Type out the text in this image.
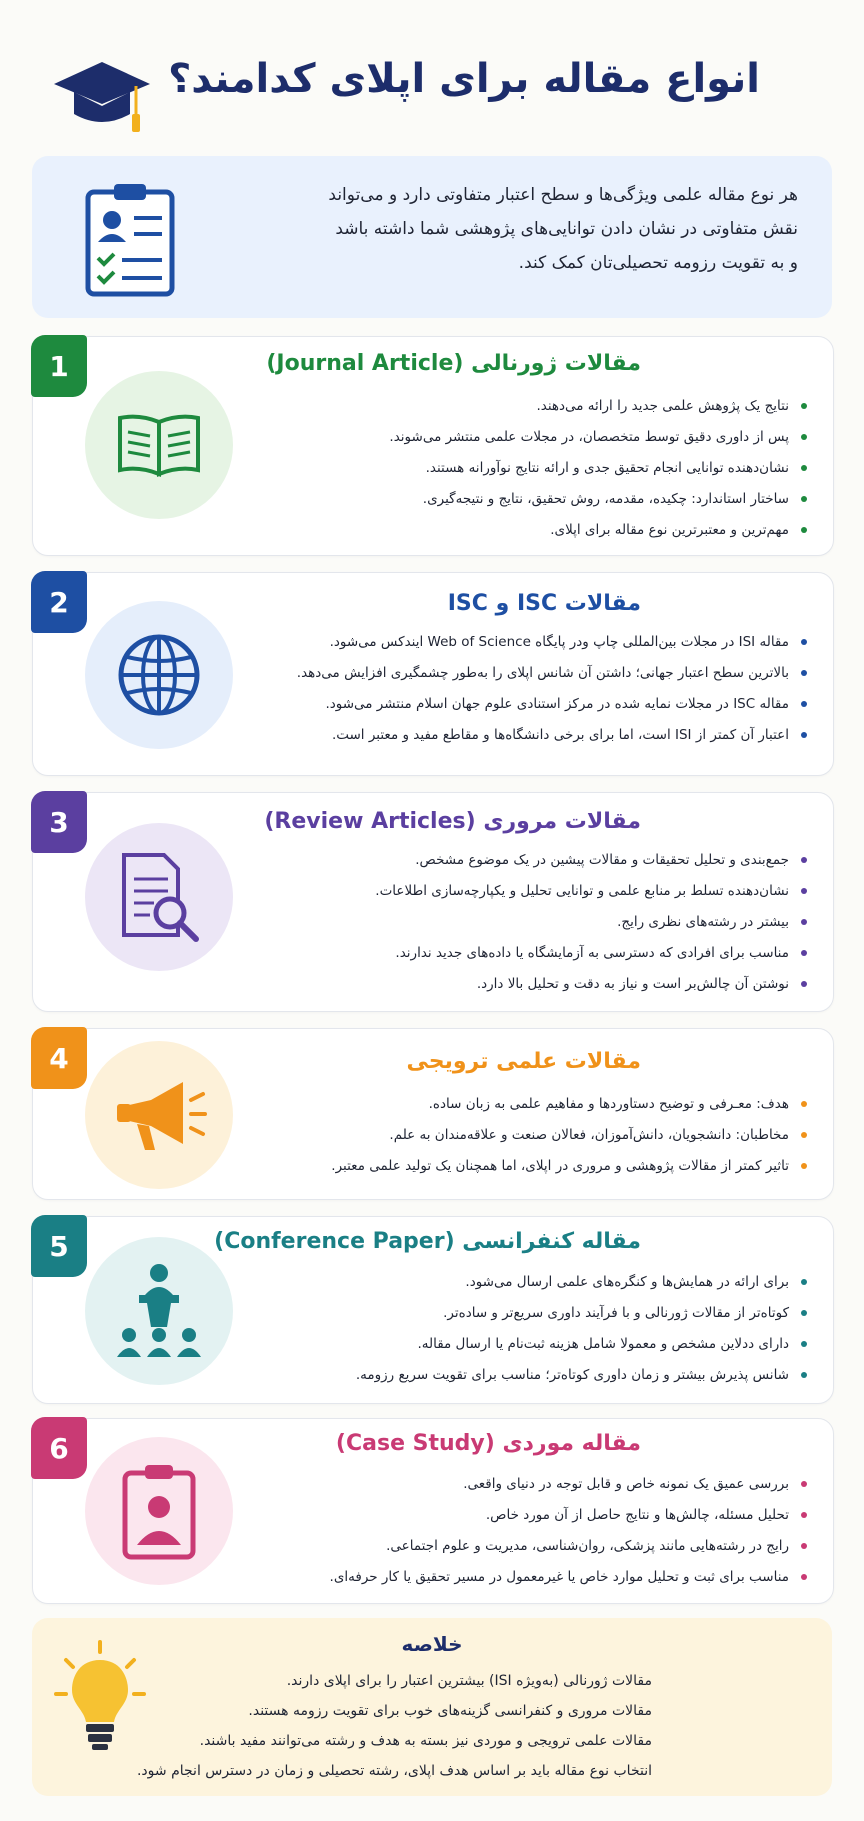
انواع مقاله برای اپلای کدامند؟
هر نوع مقاله علمی ویژگی‌ها و سطح اعتبار متفاوتی دارد و می‌تواند
نقش متفاوتی در نشان دادن توانایی‌های پژوهشی شما داشته باشد
و به تقویت رزومه تحصیلی‌تان کمک کند.
1	مقالات ژورنالی (Journal Article)
نتایج یک پژوهش علمی جدید را ارائه می‌دهند.
پس از داوری دقیق توسط متخصصان، در مجلات علمی منتشر می‌شوند.
نشان‌دهنده توانایی انجام تحقیق جدی و ارائه نتایج نوآورانه هستند.
ساختار استاندارد: چکیده، مقدمه، روش تحقیق، نتایج و نتیجه‌گیری.
مهم‌ترین و معتبرترین نوع مقاله برای اپلای.
2	مقالات ISC و ISC
مقاله ISI در مجلات بین‌المللی چاپ ودر پایگاه Web of Science ایندکس می‌شود.
بالاترین سطح اعتبار جهانی؛ داشتن آن شانس اپلای را به‌طور چشمگیری افزایش می‌دهد.
مقاله ISC در مجلات نمایه شده در مرکز استنادی علوم جهان اسلام منتشر می‌شود.
اعتبار آن کمتر از ISI است، اما برای برخی دانشگاه‌ها و مقاطع مفید و معتبر است.
3	مقالات مروری (Review Articles)
جمع‌بندی و تحلیل تحقیقات و مقالات پیشین در یک موضوع مشخص.
نشان‌دهنده تسلط بر منابع علمی و توانایی تحلیل و یکپارچه‌سازی اطلاعات.
بیشتر در رشته‌های نظری رایج.
مناسب برای افرادی که دسترسی به آزمایشگاه یا داده‌های جدید ندارند.
نوشتن آن چالش‌بر است و نیاز به دقت و تحلیل بالا دارد.
4	مقالات علمی ترویجی
هدف: معـرفی و توضیح دستاوردها و مفاهیم علمی به زبان ساده.
مخاطبان: دانشجویان، دانش‌آموزان، فعالان صنعت و علاقه‌مندان به علم.
تاثیر کمتر از مقالات پژوهشی و مروری در اپلای، اما همچنان یک تولید علمی معتبر.
5	مقاله کنفرانسی (Conference Paper)
برای ارائه در همایش‌ها و کنگره‌های علمی ارسال می‌شود.
کوتاه‌تر از مقالات ژورنالی و با فرآیند داوری سریع‌تر و ساده‌تر.
دارای ددلاین مشخص و معمولا شامل هزینه ثبت‌نام یا ارسال مقاله.
شانس پذیرش بیشتر و زمان داوری کوتاه‌تر؛ مناسب برای تقویت سریع رزومه.
6	مقاله موردی (Case Study)
بررسی عمیق یک نمونه خاص و قابل توجه در دنیای واقعی.
تحلیل مسئله، چالش‌ها و نتایج حاصل از آن مورد خاص.
رایج در رشته‌هایی مانند پزشکی، روان‌شناسی، مدیریت و علوم اجتماعی.
مناسب برای ثبت و تحلیل موارد خاص یا غیرمعمول در مسیر تحقیق یا کار حرفه‌ای.
خلاصه
مقالات ژورنالی (به‌ویژه ISI) بیشترین اعتبار را برای اپلای دارند.
مقالات مروری و کنفرانسی گزینه‌های خوب برای تقویت رزومه هستند.
مقالات علمی ترویجی و موردی نیز بسته به هدف و رشته می‌توانند مفید باشند.
انتخاب نوع مقاله باید بر اساس هدف اپلای، رشته تحصیلی و زمان در دسترس انجام شود.
